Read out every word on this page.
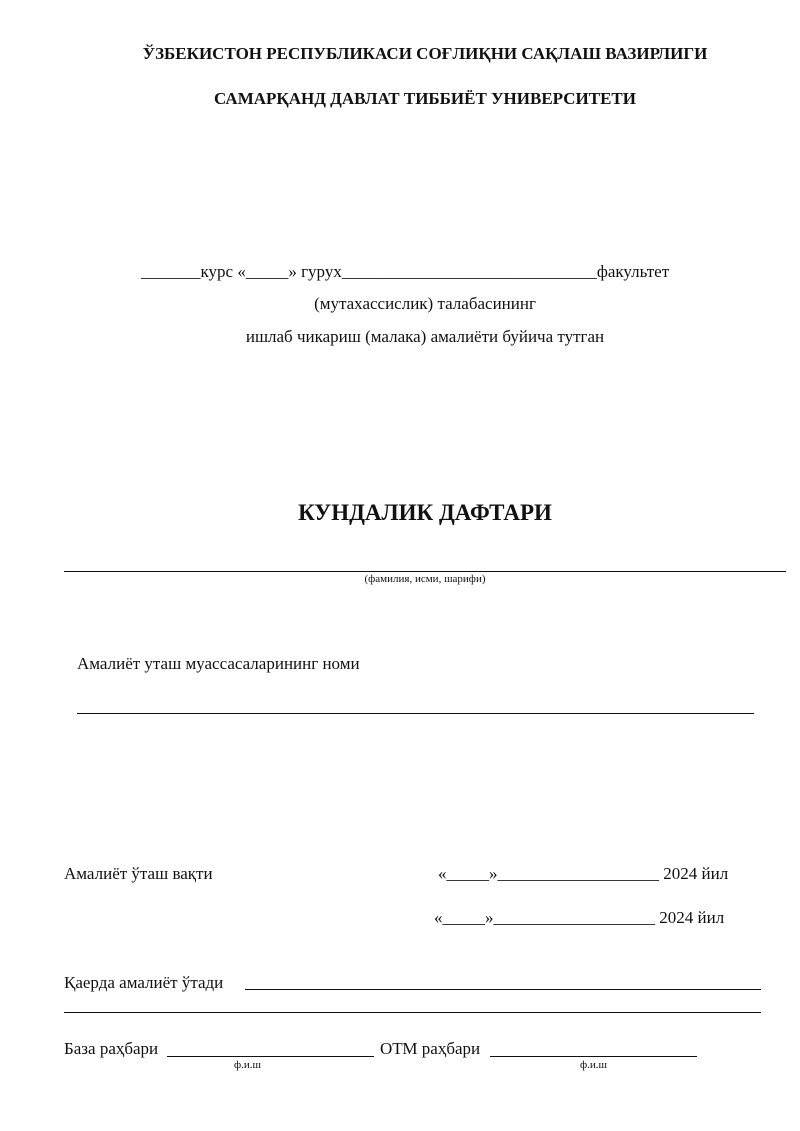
ЎЗБЕКИСТОН РЕСПУБЛИКАСИ СОҒЛИҚНИ САҚЛАШ ВАЗИРЛИГИ
САМАРҚАНД ДАВЛАТ ТИББИЁТ УНИВЕРСИТЕТИ
_______курс «_____» гурух______________________________факультет
(мутахассислик) талабасининг
ишлаб чикариш (малака) амалиёти буйича тутган
КУНДАЛИК ДАФТАРИ
(фамилия, исми, шарифи)
Амалиёт уташ муассасаларининг номи
Амалиёт ўташ вақти	«_____»___________________ 2024 йил
«_____»___________________ 2024 йил
Қаерда амалиёт ўтади
База раҳбари	ОТМ раҳбари
ф.и.ш	ф.и.ш
